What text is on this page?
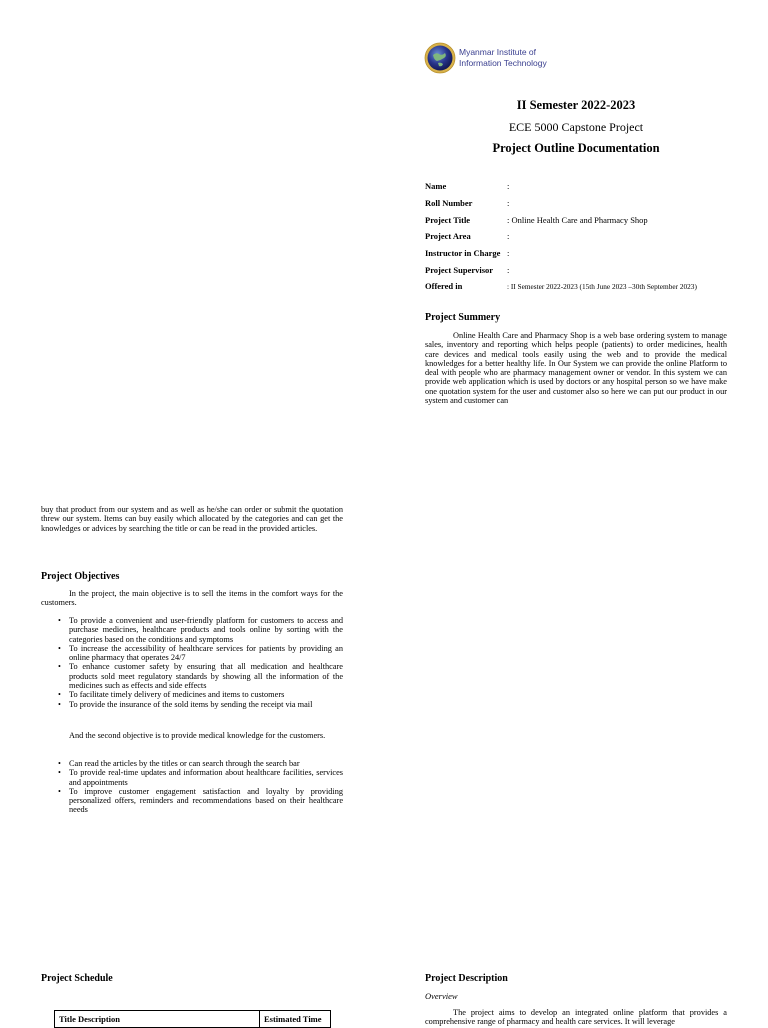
Myanmar Institute of
Information Technology
II Semester 2022-2023
ECE 5000 Capstone Project
Project Outline Documentation
Name	:
Roll Number	:
Project Title	: Online Health Care and Pharmacy Shop
Project Area	:
Instructor in Charge :
Project Supervisor	:
Offered in	: II Semester 2022-2023 (15th June 2023 –30th September 2023)
Project Summery

Online Health Care and Pharmacy Shop is a web base ordering system to manage sales, inventory and reporting which helps people (patients) to order medicines, health care devices and medical tools easily using the web and to provide the medical knowledges for a better healthy life. In Our System we can provide the online Platform to deal with people who are pharmacy management owner or vendor. In this system we can provide web application which is used by doctors or any hospital person so we have make one quotation system for the user and customer also so here we can put our product in our system and customer can

buy that product from our system and as well as he/she can order or submit the quotation threw our system. Items can buy easily which allocated by the categories and can get the knowledges or advices by searching the title or can be read in the provided articles.

Project Objectives

In the project, the main objective is to sell the items in the comfort ways for the customers.

• To provide a convenient and user-friendly platform for customers to access and purchase medicines, healthcare products and tools online by sorting with the categories based on the conditions and symptoms
• To increase the accessibility of healthcare services for patients by providing an online pharmacy that operates 24/7
• To enhance customer safety by ensuring that all medication and healthcare products sold meet regulatory standards by showing all the information of the medicines such as effects and side effects
• To facilitate timely delivery of medicines and items to customers
• To provide the insurance of the sold items by sending the receipt via mail

And the second objective is to provide medical knowledge for the customers.

• Can read the articles by the titles or can search through the search bar
• To provide real-time updates and information about healthcare facilities, services and appointments
• To improve customer engagement satisfaction and loyalty by providing personalized offers, reminders and recommendations based on their healthcare needs
Project Schedule
Title Description	Estimated Time
Project Description
Overview

The project aims to develop an integrated online platform that provides a comprehensive range of pharmacy and health care services. It will leverage
